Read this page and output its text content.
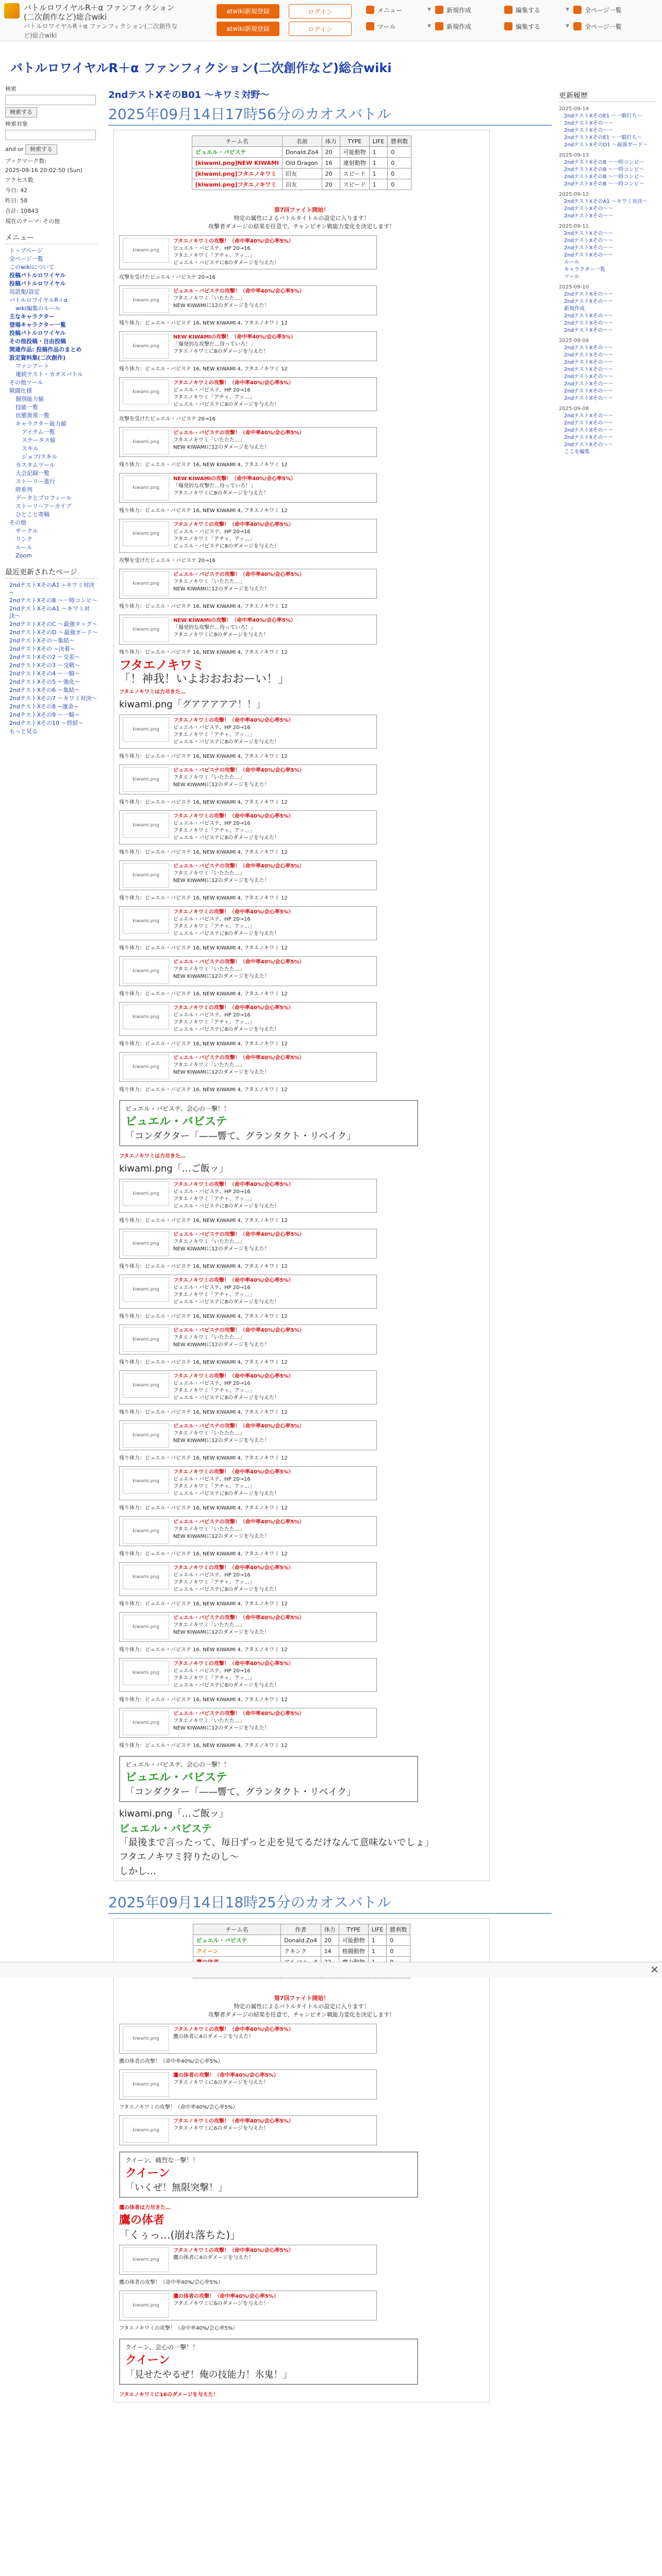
バトルロワイヤルR＋α ファンフィクション(二次創作など)総合wiki
バトルロワイヤルR＋α ファンフィクション(二次創作など)総合wiki
atwiki新規登録	ログイン
atwiki新規登録	ログイン
メニュー	▼	新規作成	編集する	▼	全ページ一覧
ツール	▼	新規作成	編集する	▼	全ページ一覧
バトルロワイヤルR＋α ファンフィクション(二次創作など)総合wiki
検索
検索する
検索対象
and or 検索する
ブックマーク数:
2025-09-16 20:02:50 (Sun)
アクセス数
今日: 42
昨日: 58
合計: 10843
現在のテーマ: その他
メニュー
トップページ
全ページ一覧
このwikiについて
投稿バトルロワイヤル
投稿バトルロワイヤル
用語集/設定
バトルロワイヤルR＋α
wiki編集のルール
主なキャラクター
登場キャラクター一覧
投稿バトルロワイヤル
その他投稿・自由投稿
関連作品: 投稿作品のまとめ
設定資料集(二次創作)
ファンアート
連続テスト・カオスバトル
その他ツール
戦闘仕様
個別能力値
技能一覧
状態異常一覧
キャラクター能力値
アイテム一覧
ステータス値
スキル
ジョブ/スキル
カスタムツール
大会記録一覧
ストーリー進行
時系列
データとプロフィール
ストーリーアーカイブ
ひとこと寄稿
その他
サークル
リンク
ルール
Zoom
最近更新されたページ
2ndテストXそのA1 ~キワミ対決~
2ndテストXそのB 〜一時コンビ〜
2ndテストXそのA1 〜キワミ対決〜
2ndテストXそのC 〜最強タッグ〜
2ndテストXそのD 〜最強ガード〜
2ndテストXその〜集結〜
2ndテストXその ~決着~
2ndテストXその2 〜交差〜
2ndテストXその3 〜交戦〜
2ndテストXその4 〜一騎〜
2ndテストXその5 〜強化〜
2ndテストXその6 〜集結〜
2ndテストXその7 〜キワミ対決〜
2ndテストXその8 ~運命~
2ndテストXその9 〜一騎〜
2ndテストXその10 〜終結〜
もっと見る
更新履歴
2025-09-14
2ndテストXそのE1 〜一騎打ち〜
2ndテストXその〜〜
2ndテストXその〜〜
2ndテストXそのE1 〜一騎打ち〜
2ndテストXそのD1 〜最強ガード〜
2025-09-13
2ndテストXそのB 〜一時コンビ〜
2ndテストXそのB 〜一時コンビ〜
2ndテストXそのB 〜一時コンビ〜
2ndテストXそのB 〜一時コンビ〜
2025-09-12
2ndテストXそのA1 〜キワミ対決〜
2ndテストXその〜〜
2ndテストXその〜〜
2025-09-11
2ndテストXその〜〜
2ndテストXその〜〜
2ndテストXその〜〜
2ndテストXその〜〜
ルール
キャラクター一覧
ツール
2025-09-10
2ndテストXその〜〜
2ndテストXその〜〜
新規作成
2ndテストXその〜〜
2ndテストXその〜〜
2ndテストXその〜〜
2025-09-09
2ndテストXその〜〜
2ndテストXその〜〜
2ndテストXその〜〜
2ndテストXその〜〜
2ndテストXその〜〜
2ndテストXその〜〜
2ndテストXその〜〜
2ndテストXその〜〜
2025-09-08
2ndテストXその〜〜
2ndテストXその〜〜
2ndテストXその〜〜
2ndテストXその〜〜
2ndテストXその〜〜
ここを編集
2ndテストXそのB01 〜キワミ対野〜
2025年09月14日17時56分のカオスバトル
チーム名	名前	体力	TYPE	LIFE	勝利数
ビュエル・バビステ	Donald.Zo4	20	可能動物	1	0
[kiwami.png]NEW KIWAMI	Old Dragon	16	連射動物	1	0
[kiwami.png]フタエノキワミ	旧友	20	スピード	1	0
[kiwami.png]フタエノキワミ	旧友	20	スピード	1	0
第7回ファイト開始！
特定の属性によるバトルタイトルの設定に入ります！
攻撃者ダメージの結果を任意で、チャンピオン戦能力変化を決定します！
kiwami.png
フタエノキワミの攻撃！（命中率40%/会心率5%）
ビュエル・バビステ、HP 20→16
フタエノキワミ「アチャ、アッ…」
ビュエル・バビステに8のダメージを与えた！
攻撃を受けたビュエル・バビステ 20→16
kiwami.png
ビュエル・バビステの攻撃！（命中率40%/会心率5%）
フタエノキワミ「いたたた…」
NEW KIWAMIに12のダメージを与えた！
残り体力：ビュエル・バビステ 16, NEW KIWAMI 4, フタエノキワミ 12
kiwami.png
NEW KIWAMIの攻撃！（命中率40%/会心率5%）
「爆発的な攻撃だ…待っていろ！」
フタエノキワミに8のダメージを与えた！
残り体力：ビュエル・バビステ 16, NEW KIWAMI 4, フタエノキワミ 12
kiwami.png
フタエノキワミの攻撃！（命中率40%/会心率5%）
ビュエル・バビステ、HP 20→16
フタエノキワミ「アチャ、アッ…」
ビュエル・バビステに8のダメージを与えた！
攻撃を受けたビュエル・バビステ 20→16
kiwami.png
ビュエル・バビステの攻撃！（命中率40%/会心率5%）
フタエノキワミ「いたたた…」
NEW KIWAMIに12のダメージを与えた！
残り体力：ビュエル・バビステ 16, NEW KIWAMI 4, フタエノキワミ 12
kiwami.png
NEW KIWAMIの攻撃！（命中率40%/会心率5%）
「爆発的な攻撃だ…待っていろ！」
フタエノキワミに8のダメージを与えた！
残り体力：ビュエル・バビステ 16, NEW KIWAMI 4, フタエノキワミ 12
kiwami.png
フタエノキワミの攻撃！（命中率40%/会心率5%）
ビュエル・バビステ、HP 20→16
フタエノキワミ「アチャ、アッ…」
ビュエル・バビステに8のダメージを与えた！
攻撃を受けたビュエル・バビステ 20→16
kiwami.png
ビュエル・バビステの攻撃！（命中率40%/会心率5%）
フタエノキワミ「いたたた…」
NEW KIWAMIに12のダメージを与えた！
残り体力：ビュエル・バビステ 16, NEW KIWAMI 4, フタエノキワミ 12
kiwami.png
NEW KIWAMIの攻撃！（命中率40%/会心率5%）
「爆発的な攻撃だ…待っていろ！」
フタエノキワミに8のダメージを与えた！
残り体力：ビュエル・バビステ 16, NEW KIWAMI 4, フタエノキワミ 12
フタエノキワミ
「！神我！いよおおおおーい！」
フタエノキワミは力尽きた…
kiwami.png「グアアアアア！！」
kiwami.png
フタエノキワミの攻撃！（命中率40%/会心率5%）
ビュエル・バビステ、HP 20→16
フタエノキワミ「アチャ、アッ…」
ビュエル・バビステに8のダメージを与えた！
残り体力：ビュエル・バビステ 16, NEW KIWAMI 4, フタエノキワミ 12
kiwami.png
ビュエル・バビステの攻撃！（命中率40%/会心率5%）
フタエノキワミ「いたたた…」
NEW KIWAMIに12のダメージを与えた！
残り体力：ビュエル・バビステ 16, NEW KIWAMI 4, フタエノキワミ 12
kiwami.png
フタエノキワミの攻撃！（命中率40%/会心率5%）
ビュエル・バビステ、HP 20→16
フタエノキワミ「アチャ、アッ…」
ビュエル・バビステに8のダメージを与えた！
残り体力：ビュエル・バビステ 16, NEW KIWAMI 4, フタエノキワミ 12
kiwami.png
ビュエル・バビステの攻撃！（命中率40%/会心率5%）
フタエノキワミ「いたたた…」
NEW KIWAMIに12のダメージを与えた！
残り体力：ビュエル・バビステ 16, NEW KIWAMI 4, フタエノキワミ 12
kiwami.png
フタエノキワミの攻撃！（命中率40%/会心率5%）
ビュエル・バビステ、HP 20→16
フタエノキワミ「アチャ、アッ…」
ビュエル・バビステに8のダメージを与えた！
残り体力：ビュエル・バビステ 16, NEW KIWAMI 4, フタエノキワミ 12
kiwami.png
ビュエル・バビステの攻撃！（命中率40%/会心率5%）
フタエノキワミ「いたたた…」
NEW KIWAMIに12のダメージを与えた！
残り体力：ビュエル・バビステ 16, NEW KIWAMI 4, フタエノキワミ 12
kiwami.png
フタエノキワミの攻撃！（命中率40%/会心率5%）
ビュエル・バビステ、HP 20→16
フタエノキワミ「アチャ、アッ…」
ビュエル・バビステに8のダメージを与えた！
残り体力：ビュエル・バビステ 16, NEW KIWAMI 4, フタエノキワミ 12
kiwami.png
ビュエル・バビステの攻撃！（命中率40%/会心率5%）
フタエノキワミ「いたたた…」
NEW KIWAMIに12のダメージを与えた！
残り体力：ビュエル・バビステ 16, NEW KIWAMI 4, フタエノキワミ 12
ビュエル・バビステ、会心の一撃！！
ビュエル・バビステ
「コンダクター「——響て、グランタクト・リベイク」
フタエノキワミは力尽きた…
kiwami.png「…ご飯ッ」
kiwami.png
フタエノキワミの攻撃！（命中率40%/会心率5%）
ビュエル・バビステ、HP 20→16
フタエノキワミ「アチャ、アッ…」
ビュエル・バビステに8のダメージを与えた！
残り体力：ビュエル・バビステ 16, NEW KIWAMI 4, フタエノキワミ 12
kiwami.png
ビュエル・バビステの攻撃！（命中率40%/会心率5%）
フタエノキワミ「いたたた…」
NEW KIWAMIに12のダメージを与えた！
残り体力：ビュエル・バビステ 16, NEW KIWAMI 4, フタエノキワミ 12
kiwami.png
フタエノキワミの攻撃！（命中率40%/会心率5%）
ビュエル・バビステ、HP 20→16
フタエノキワミ「アチャ、アッ…」
ビュエル・バビステに8のダメージを与えた！
残り体力：ビュエル・バビステ 16, NEW KIWAMI 4, フタエノキワミ 12
kiwami.png
ビュエル・バビステの攻撃！（命中率40%/会心率5%）
フタエノキワミ「いたたた…」
NEW KIWAMIに12のダメージを与えた！
残り体力：ビュエル・バビステ 16, NEW KIWAMI 4, フタエノキワミ 12
kiwami.png
フタエノキワミの攻撃！（命中率40%/会心率5%）
ビュエル・バビステ、HP 20→16
フタエノキワミ「アチャ、アッ…」
ビュエル・バビステに8のダメージを与えた！
残り体力：ビュエル・バビステ 16, NEW KIWAMI 4, フタエノキワミ 12
kiwami.png
ビュエル・バビステの攻撃！（命中率40%/会心率5%）
フタエノキワミ「いたたた…」
NEW KIWAMIに12のダメージを与えた！
残り体力：ビュエル・バビステ 16, NEW KIWAMI 4, フタエノキワミ 12
kiwami.png
フタエノキワミの攻撃！（命中率40%/会心率5%）
ビュエル・バビステ、HP 20→16
フタエノキワミ「アチャ、アッ…」
ビュエル・バビステに8のダメージを与えた！
残り体力：ビュエル・バビステ 16, NEW KIWAMI 4, フタエノキワミ 12
kiwami.png
ビュエル・バビステの攻撃！（命中率40%/会心率5%）
フタエノキワミ「いたたた…」
NEW KIWAMIに12のダメージを与えた！
残り体力：ビュエル・バビステ 16, NEW KIWAMI 4, フタエノキワミ 12
kiwami.png
フタエノキワミの攻撃！（命中率40%/会心率5%）
ビュエル・バビステ、HP 20→16
フタエノキワミ「アチャ、アッ…」
ビュエル・バビステに8のダメージを与えた！
残り体力：ビュエル・バビステ 16, NEW KIWAMI 4, フタエノキワミ 12
kiwami.png
ビュエル・バビステの攻撃！（命中率40%/会心率5%）
フタエノキワミ「いたたた…」
NEW KIWAMIに12のダメージを与えた！
残り体力：ビュエル・バビステ 16, NEW KIWAMI 4, フタエノキワミ 12
kiwami.png
フタエノキワミの攻撃！（命中率40%/会心率5%）
ビュエル・バビステ、HP 20→16
フタエノキワミ「アチャ、アッ…」
ビュエル・バビステに8のダメージを与えた！
残り体力：ビュエル・バビステ 16, NEW KIWAMI 4, フタエノキワミ 12
kiwami.png
ビュエル・バビステの攻撃！（命中率40%/会心率5%）
フタエノキワミ「いたたた…」
NEW KIWAMIに12のダメージを与えた！
残り体力：ビュエル・バビステ 16, NEW KIWAMI 4, フタエノキワミ 12
ビュエル・バビステ、会心の一撃！！
ビュエル・バビステ
「コンダクター「——響て、グランタクト・リベイク」
kiwami.png「…ご飯ッ」
ビュエル・バビステ
「最後まで言ったって、毎日ずっと走を見てるだけなんて意味ないでしょ」
フタエノキワミ狩りたのし〜
しかし…
2025年09月14日18時25分のカオスバトル
チーム名	作者	体力	TYPE	LIFE	勝利数
ビュエル・バビステ	Donald.Zo4	20	可能動物	1	0
クイーン	クキンク	14	格闘動物	1	0

第7回ファイト開始！
特定の属性によるバトルタイトルの設定に入ります！
攻撃者ダメージの結果を任意で、チャンピオン戦能力変化を決定します！
kiwami.png
フタエノキワミの攻撃！（命中率40%/会心率5%）
鷹の体者に4のダメージを与えた！
鷹の体者の攻撃！（命中率40%/会心率5%）
kiwami.png
鷹の体者の攻撃！（命中率40%/会心率5%）
フタエノキワミに6のダメージを与えた！
フタエノキワミの攻撃！（命中率40%/会心率5%）
kiwami.png
フタエノキワミの攻撃！（命中率40%/会心率5%）
フタエノキワミに6のダメージを与えた！
クイーン、痛烈な一撃！！
クイーン
「いくぜ！無限突撃！」
鷹の体者は力尽きた…
鷹の体者
「くぅっ…(崩れ落ちた)」
kiwami.png
フタエノキワミの攻撃！（命中率40%/会心率5%）
鷹の体者に4のダメージを与えた！
鷹の体者の攻撃！（命中率40%/会心率5%）
kiwami.png
鷹の体者の攻撃！（命中率40%/会心率5%）
フタエノキワミに6のダメージを与えた！
フタエノキワミの攻撃！（命中率40%/会心率5%）
クイーン、会心の一撃！！
クイーン
「見せたやるぜ！俺の技能力！氷鬼！」
フタエノキワミに16のダメージを与えた！
✕
